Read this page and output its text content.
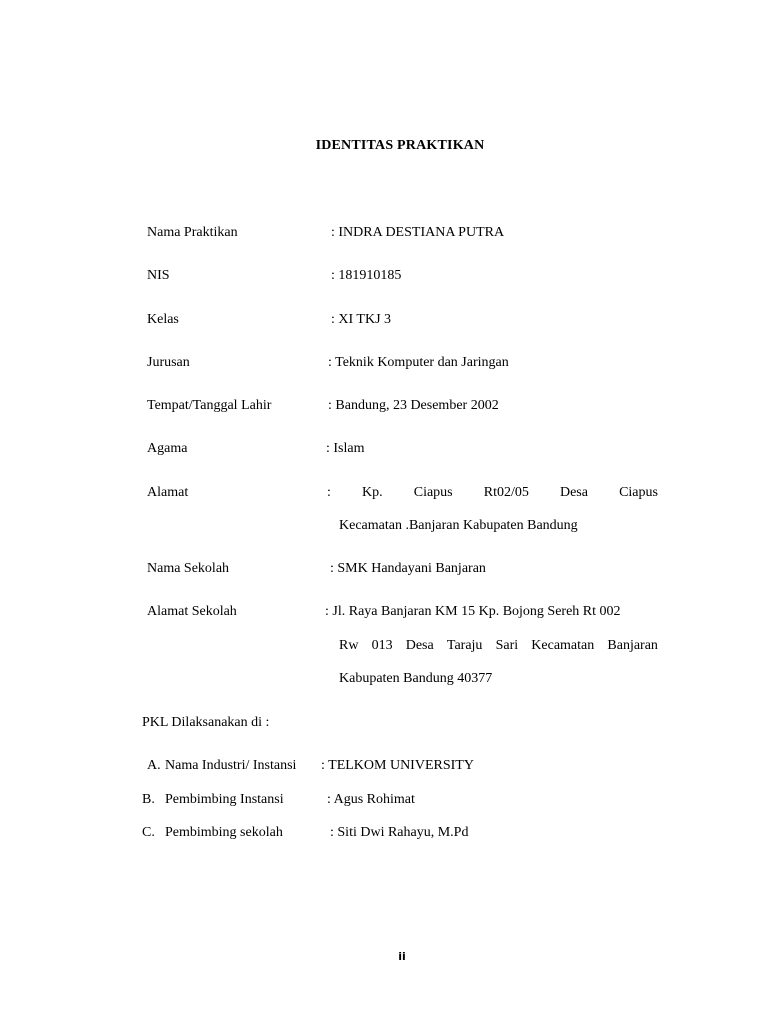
IDENTITAS PRAKTIKAN
Nama Praktikan	: INDRA DESTIANA PUTRA
NIS	: 181910185
Kelas	: XI TKJ 3
Jurusan	: Teknik Komputer dan Jaringan
Tempat/Tanggal Lahir	: Bandung, 23 Desember 2002
Agama	: Islam
Alamat	: Kp. Ciapus Rt02/05 Desa Ciapus
Kecamatan .Banjaran Kabupaten Bandung
Nama Sekolah	: SMK Handayani Banjaran
Alamat Sekolah	: Jl. Raya Banjaran KM 15 Kp. Bojong Sereh Rt 002
Rw 013 Desa Taraju Sari Kecamatan Banjaran
Kabupaten Bandung 40377
PKL Dilaksanakan di :
A. Nama Industri/ Instansi : TELKOM UNIVERSITY
B. Pembimbing Instansi	: Agus Rohimat
C. Pembimbing sekolah	: Siti Dwi Rahayu, M.Pd
ii
